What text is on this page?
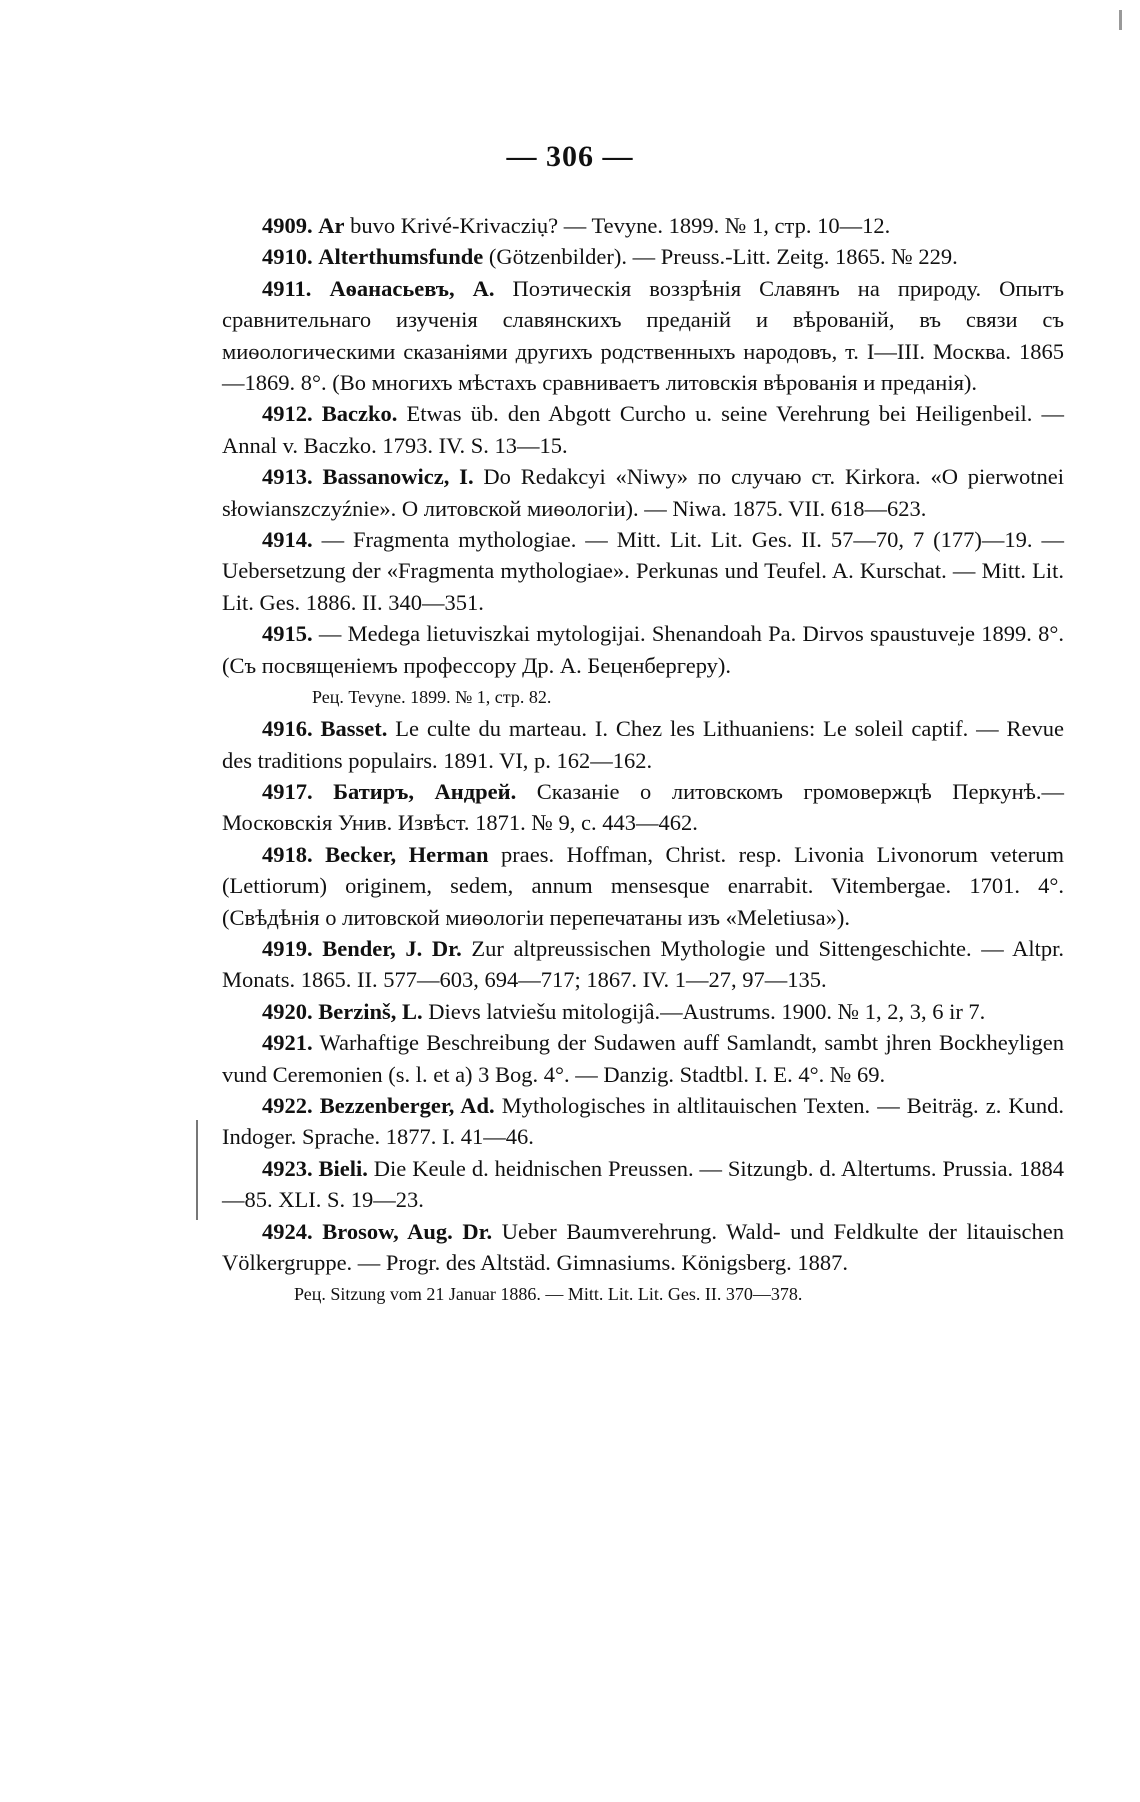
— 306 —

4909. Ar buvo Krivé-Krivacziụ? — Tevyne. 1899. № 1, стр. 10—12.

4910. Alterthumsfunde (Götzenbilder). — Preuss.-Litt. Zeitg. 1865. № 229.

4911. Аѳанасьевъ, А. Поэтическія воззрѣнія Славянъ на природу. Опытъ сравнительнаго изученія славянскихъ преданій и вѣрованій, въ связи съ миѳологическими сказаніями другихъ родственныхъ народовъ, т. I—III. Москва. 1865—1869. 8°. (Во многихъ мѣстахъ сравниваетъ литовскія вѣрованія и преданія).

4912. Baczko. Etwas üb. den Abgott Curcho u. seine Verehrung bei Heiligenbeil. — Annal v. Baczko. 1793. IV. S. 13—15.

4913. Bassanowicz, I. Do Redakcyi «Niwy» по случаю ст. Kirkora. «O pierwotnei słowianszczyźnie». О литовской миѳологіи). — Niwa. 1875. VII. 618—623.

4914. — Fragmenta mythologiae. — Mitt. Lit. Lit. Ges. II. 57—70, 7 (177)—19. — Uebersetzung der «Fragmenta mythologiae». Perkunas und Teufel. A. Kurschat. — Mitt. Lit. Lit. Ges. 1886. II. 340—351.

4915. — Medega lietuviszkai mytologijai. Shenandoah Pa. Dirvos spaustuveje 1899. 8°. (Съ посвященіемъ профессору Др. А. Беценбергеру).

Рец. Tevyne. 1899. № 1, стр. 82.

4916. Basset. Le culte du marteau. I. Chez les Lithuaniens: Le soleil captif. — Revue des traditions populairs. 1891. VI, p. 162—162.

4917. Батиръ, Андрей. Сказаніе о литовскомъ громовержцѣ Перкунѣ.—Московскія Унив. Извѣст. 1871. № 9, с. 443—462.

4918. Becker, Herman praes. Hoffman, Christ. resp. Livonia Livonorum veterum (Lettiorum) originem, sedem, annum mensesque enarrabit. Vitembergae. 1701. 4°. (Свѣдѣнія о литовской миѳологіи перепечатаны изъ «Meletiusa»).

4919. Bender, J. Dr. Zur altpreussischen Mythologie und Sittengeschichte. — Altpr. Monats. 1865. II. 577—603, 694—717; 1867. IV. 1—27, 97—135.

4920. Berzinš, L. Dievs latviešu mitologijâ.—Austrums. 1900. № 1, 2, 3, 6 ir 7.

4921. Warhaftige Beschreibung der Sudawen auff Samlandt, sambt jhren Bockheyligen vund Ceremonien (s. l. et a) 3 Bog. 4°. — Danzig. Stadtbl. I. E. 4°. № 69.

4922. Bezzenberger, Ad. Mythologisches in altlitauischen Texten. — Beiträg. z. Kund. Indoger. Sprache. 1877. I. 41—46.

4923. Bieli. Die Keule d. heidnischen Preussen. — Sitzungb. d. Altertums. Prussia. 1884—85. XLI. S. 19—23.

4924. Brosow, Aug. Dr. Ueber Baumverehrung. Wald- und Feldkulte der litauischen Völkergruppe. — Progr. des Altstäd. Gimnasiums. Königsberg. 1887.

Рец. Sitzung vom 21 Januar 1886. — Mitt. Lit. Lit. Ges. II. 370—378.
